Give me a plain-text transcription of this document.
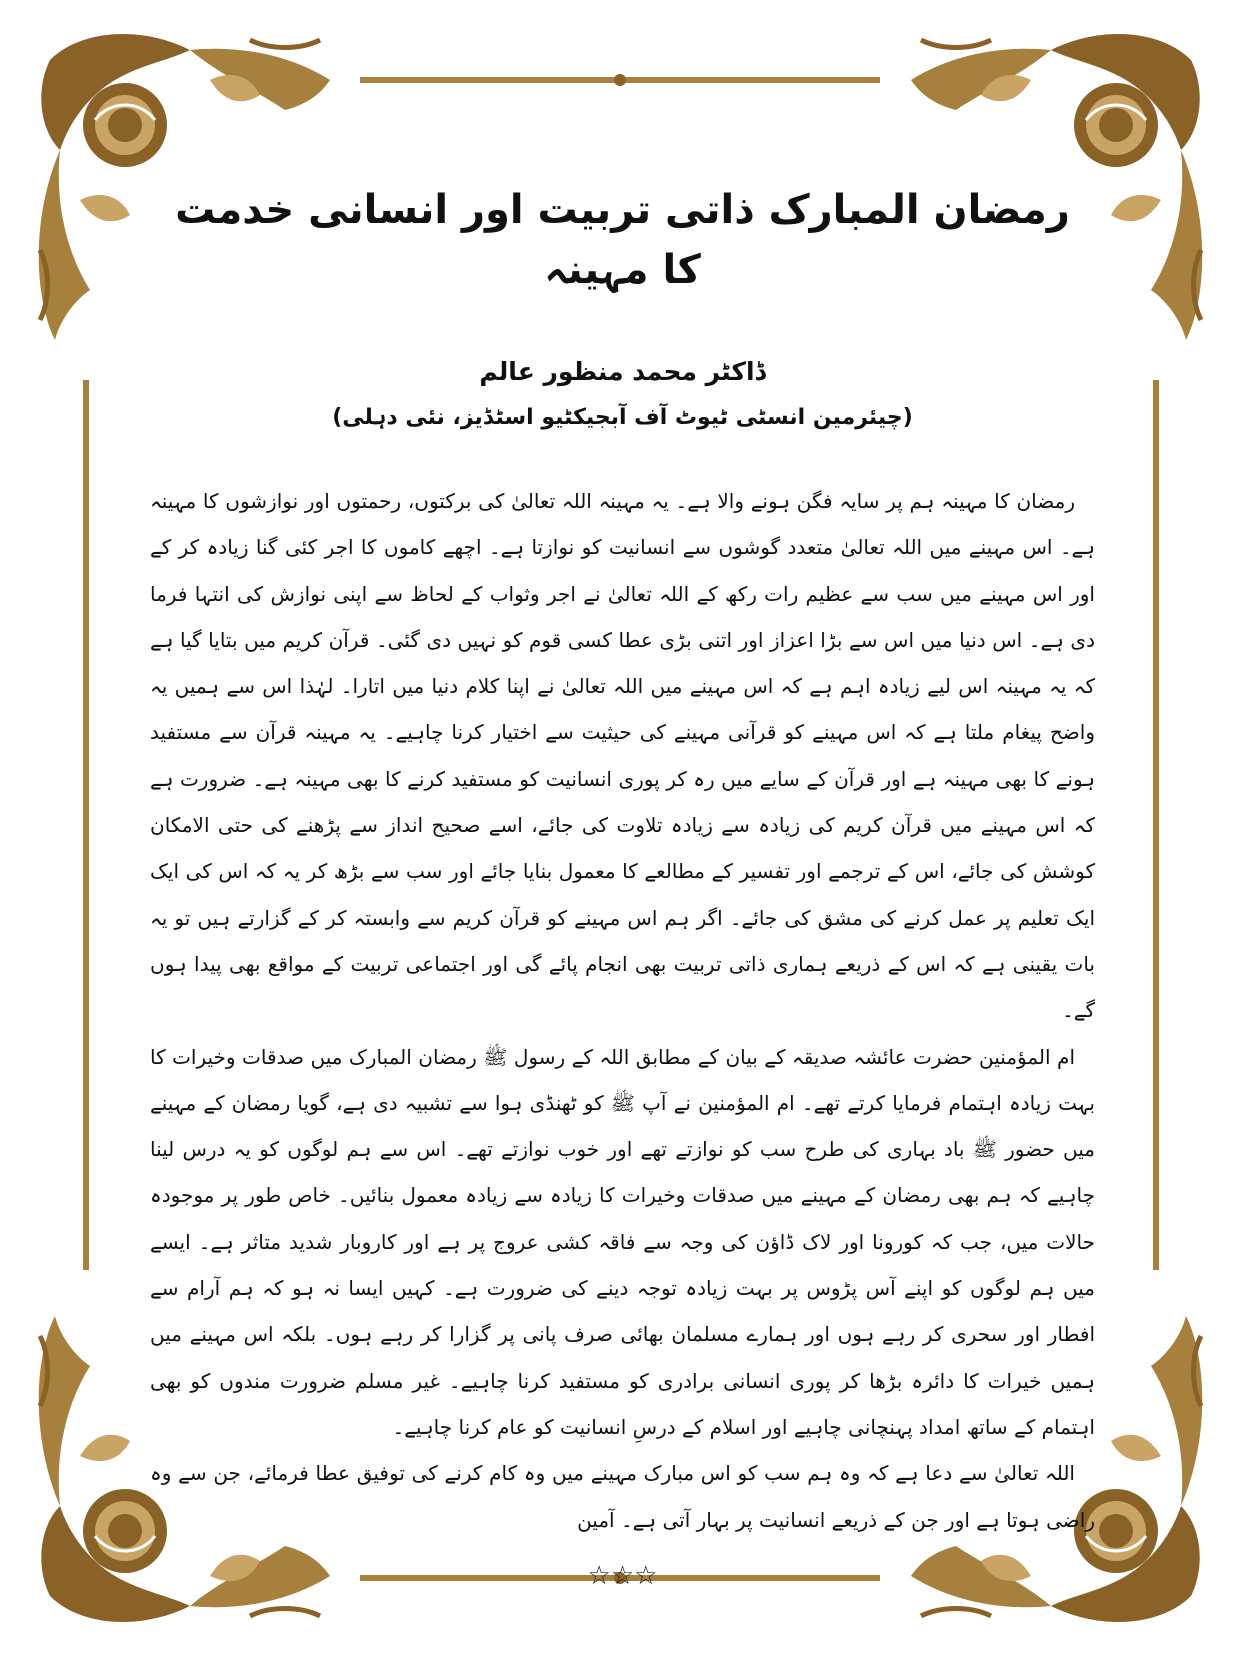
رمضان المبارک ذاتی تربیت اور انسانی خدمت کا مہینہ
ڈاکٹر محمد منظور عالم
(چیئرمین انسٹی ٹیوٹ آف آبجیکٹیو اسٹڈیز، نئی دہلی)

رمضان کا مہینہ ہم پر سایہ فگن ہونے والا ہے۔ یہ مہینہ اللہ تعالیٰ کی برکتوں، رحمتوں اور نوازشوں کا مہینہ ہے۔ اس مہینے میں اللہ تعالیٰ متعدد گوشوں سے انسانیت کو نوازتا ہے۔ اچھے کاموں کا اجر کئی گنا زیادہ کر کے اور اس مہینے میں سب سے عظیم رات رکھ کے اللہ تعالیٰ نے اجر وثواب کے لحاظ سے اپنی نوازش کی انتہا فرما دی ہے۔ اس دنیا میں اس سے بڑا اعزاز اور اتنی بڑی عطا کسی قوم کو نہیں دی گئی۔ قرآن کریم میں بتایا گیا ہے کہ یہ مہینہ اس لیے زیادہ اہم ہے کہ اس مہینے میں اللہ تعالیٰ نے اپنا کلام دنیا میں اتارا۔ لہٰذا اس سے ہمیں یہ واضح پیغام ملتا ہے کہ اس مہینے کو قرآنی مہینے کی حیثیت سے اختیار کرنا چاہیے۔ یہ مہینہ قرآن سے مستفید ہونے کا بھی مہینہ ہے اور قرآن کے سایے میں رہ کر پوری انسانیت کو مستفید کرنے کا بھی مہینہ ہے۔ ضرورت ہے کہ اس مہینے میں قرآن کریم کی زیادہ سے زیادہ تلاوت کی جائے، اسے صحیح انداز سے پڑھنے کی حتی الامکان کوشش کی جائے، اس کے ترجمے اور تفسیر کے مطالعے کا معمول بنایا جائے اور سب سے بڑھ کر یہ کہ اس کی ایک ایک تعلیم پر عمل کرنے کی مشق کی جائے۔ اگر ہم اس مہینے کو قرآن کریم سے وابستہ کر کے گزارتے ہیں تو یہ بات یقینی ہے کہ اس کے ذریعے ہماری ذاتی تربیت بھی انجام پائے گی اور اجتماعی تربیت کے مواقع بھی پیدا ہوں گے۔

ام المؤمنین حضرت عائشہ صدیقہ کے بیان کے مطابق اللہ کے رسول ﷺ رمضان المبارک میں صدقات وخیرات کا بہت زیادہ اہتمام فرمایا کرتے تھے۔ ام المؤمنین نے آپ ﷺ کو ٹھنڈی ہوا سے تشبیہ دی ہے، گویا رمضان کے مہینے میں حضور ﷺ باد بہاری کی طرح سب کو نوازتے تھے اور خوب نوازتے تھے۔ اس سے ہم لوگوں کو یہ درس لینا چاہیے کہ ہم بھی رمضان کے مہینے میں صدقات وخیرات کا زیادہ سے زیادہ معمول بنائیں۔ خاص طور پر موجودہ حالات میں، جب کہ کورونا اور لاک ڈاؤن کی وجہ سے فاقہ کشی عروج پر ہے اور کاروبار شدید متاثر ہے۔ ایسے میں ہم لوگوں کو اپنے آس پڑوس پر بہت زیادہ توجہ دینے کی ضرورت ہے۔ کہیں ایسا نہ ہو کہ ہم آرام سے افطار اور سحری کر رہے ہوں اور ہمارے مسلمان بھائی صرف پانی پر گزارا کر رہے ہوں۔ بلکہ اس مہینے میں ہمیں خیرات کا دائرہ بڑھا کر پوری انسانی برادری کو مستفید کرنا چاہیے۔ غیر مسلم ضرورت مندوں کو بھی اہتمام کے ساتھ امداد پہنچانی چاہیے اور اسلام کے درسِ انسانیت کو عام کرنا چاہیے۔

اللہ تعالیٰ سے دعا ہے کہ وہ ہم سب کو اس مبارک مہینے میں وہ کام کرنے کی توفیق عطا فرمائے، جن سے وہ راضی ہوتا ہے اور جن کے ذریعے انسانیت پر بہار آتی ہے۔ آمین

☆☆☆
